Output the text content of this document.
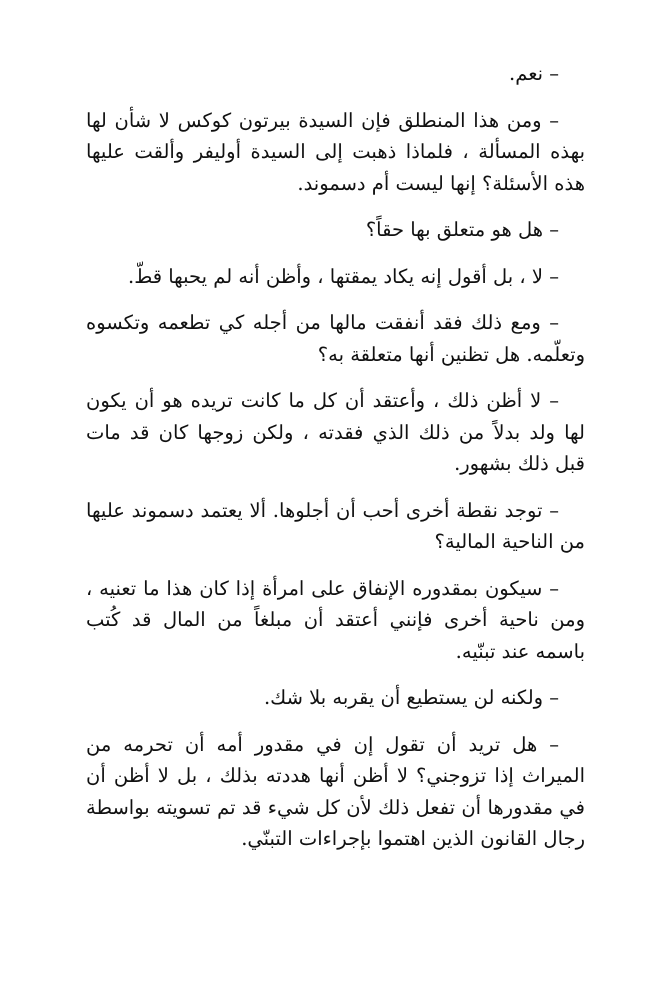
– نعم.

– ومن هذا المنطلق فإن السيدة بيرتون كوكس لا شأن لها بهذه المسألة ، فلماذا ذهبت إلى السيدة أوليفر وألقت عليها هذه الأسئلة؟ إنها ليست أم دسموند.

– هل هو متعلق بها حقاً؟

– لا ، بل أقول إنه يكاد يمقتها ، وأظن أنه لم يحبها قطّ.

– ومع ذلك فقد أنفقت مالها من أجله كي تطعمه وتكسوه وتعلّمه. هل تظنين أنها متعلقة به؟

– لا أظن ذلك ، وأعتقد أن كل ما كانت تريده هو أن يكون لها ولد بدلاً من ذلك الذي فقدته ، ولكن زوجها كان قد مات قبل ذلك بشهور.

– توجد نقطة أخرى أحب أن أجلوها. ألا يعتمد دسموند عليها من الناحية المالية؟

– سيكون بمقدوره الإنفاق على امرأة إذا كان هذا ما تعنيه ، ومن ناحية أخرى فإنني أعتقد أن مبلغاً من المال قد كُتب باسمه عند تبنّيه.

– ولكنه لن يستطيع أن يقربه بلا شك.

– هل تريد أن تقول إن في مقدور أمه أن تحرمه من الميراث إذا تزوجني؟ لا أظن أنها هددته بذلك ، بل لا أظن أن في مقدورها أن تفعل ذلك لأن كل شيء قد تم تسويته بواسطة رجال القانون الذين اهتموا بإجراءات التبنّي.
